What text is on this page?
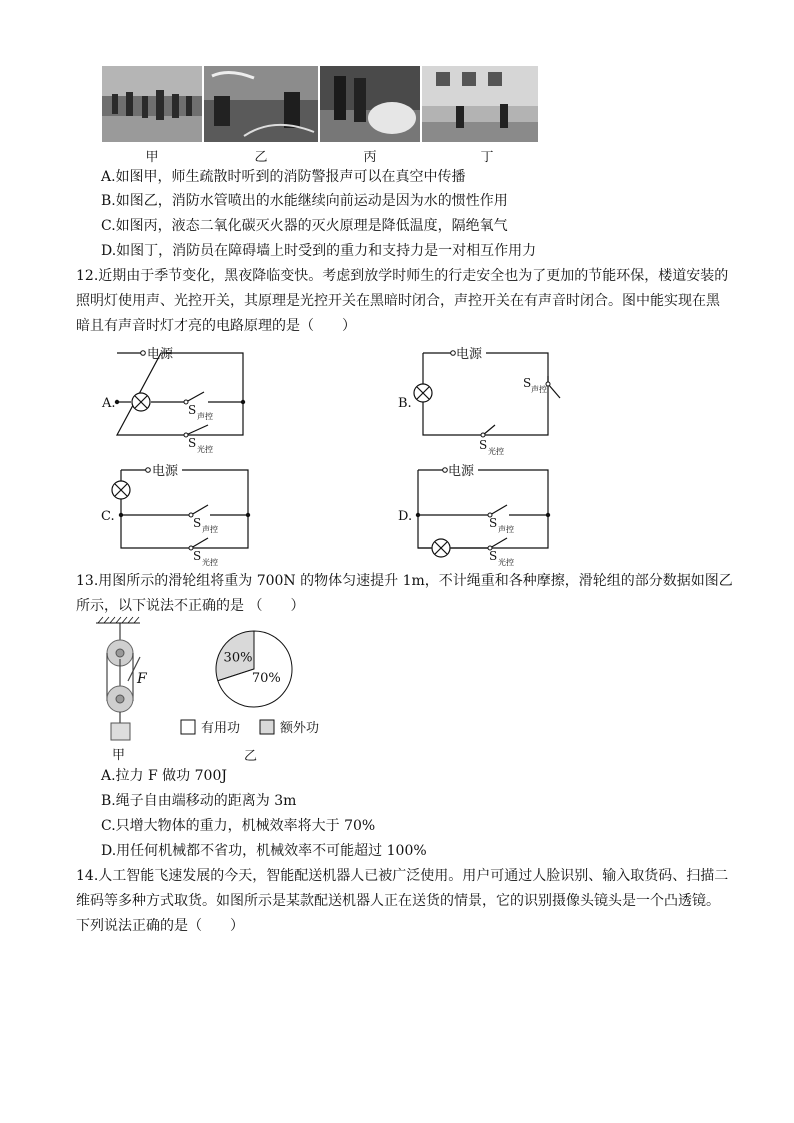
甲	乙	丙	丁
A.如图甲，师生疏散时听到的消防警报声可以在真空中传播
B.如图乙，消防水管喷出的水能继续向前运动是因为水的惯性作用
C.如图丙，液态二氧化碳灭火器的灭火原理是降低温度，隔绝氧气
D.如图丁，消防员在障碍墙上时受到的重力和支持力是一对相互作用力
12.近期由于季节变化，黑夜降临变快。考虑到放学时师生的行走安全也为了更加的节能环保，楼道安装的
照明灯使用声、光控开关，其原理是光控开关在黑暗时闭合，声控开关在有声音时闭合。图中能实现在黑
暗且有声音时灯才亮的电路原理的是（　　）
电源	电源
电源	电源
A.	B.
C.	D.
S 声控
S 光控
S 声控
S 光控
S 声控
S 光控
S 声控
S 光控
13.用图所示的滑轮组将重为 700N 的物体匀速提升 1m，不计绳重和各种摩擦，滑轮组的部分数据如图乙
所示，以下说法不正确的是 （　　）
F
甲
30%
70%
有用功	额外功
乙
A.拉力 F 做功 700J
B.绳子自由端移动的距离为 3m
C.只增大物体的重力，机械效率将大于 70%
D.用任何机械都不省功，机械效率不可能超过 100%
14.人工智能飞速发展的今天，智能配送机器人已被广泛使用。用户可通过人脸识别、输入取货码、扫描二
维码等多种方式取货。如图所示是某款配送机器人正在送货的情景，它的识别摄像头镜头是一个凸透镜。
下列说法正确的是（　　）
